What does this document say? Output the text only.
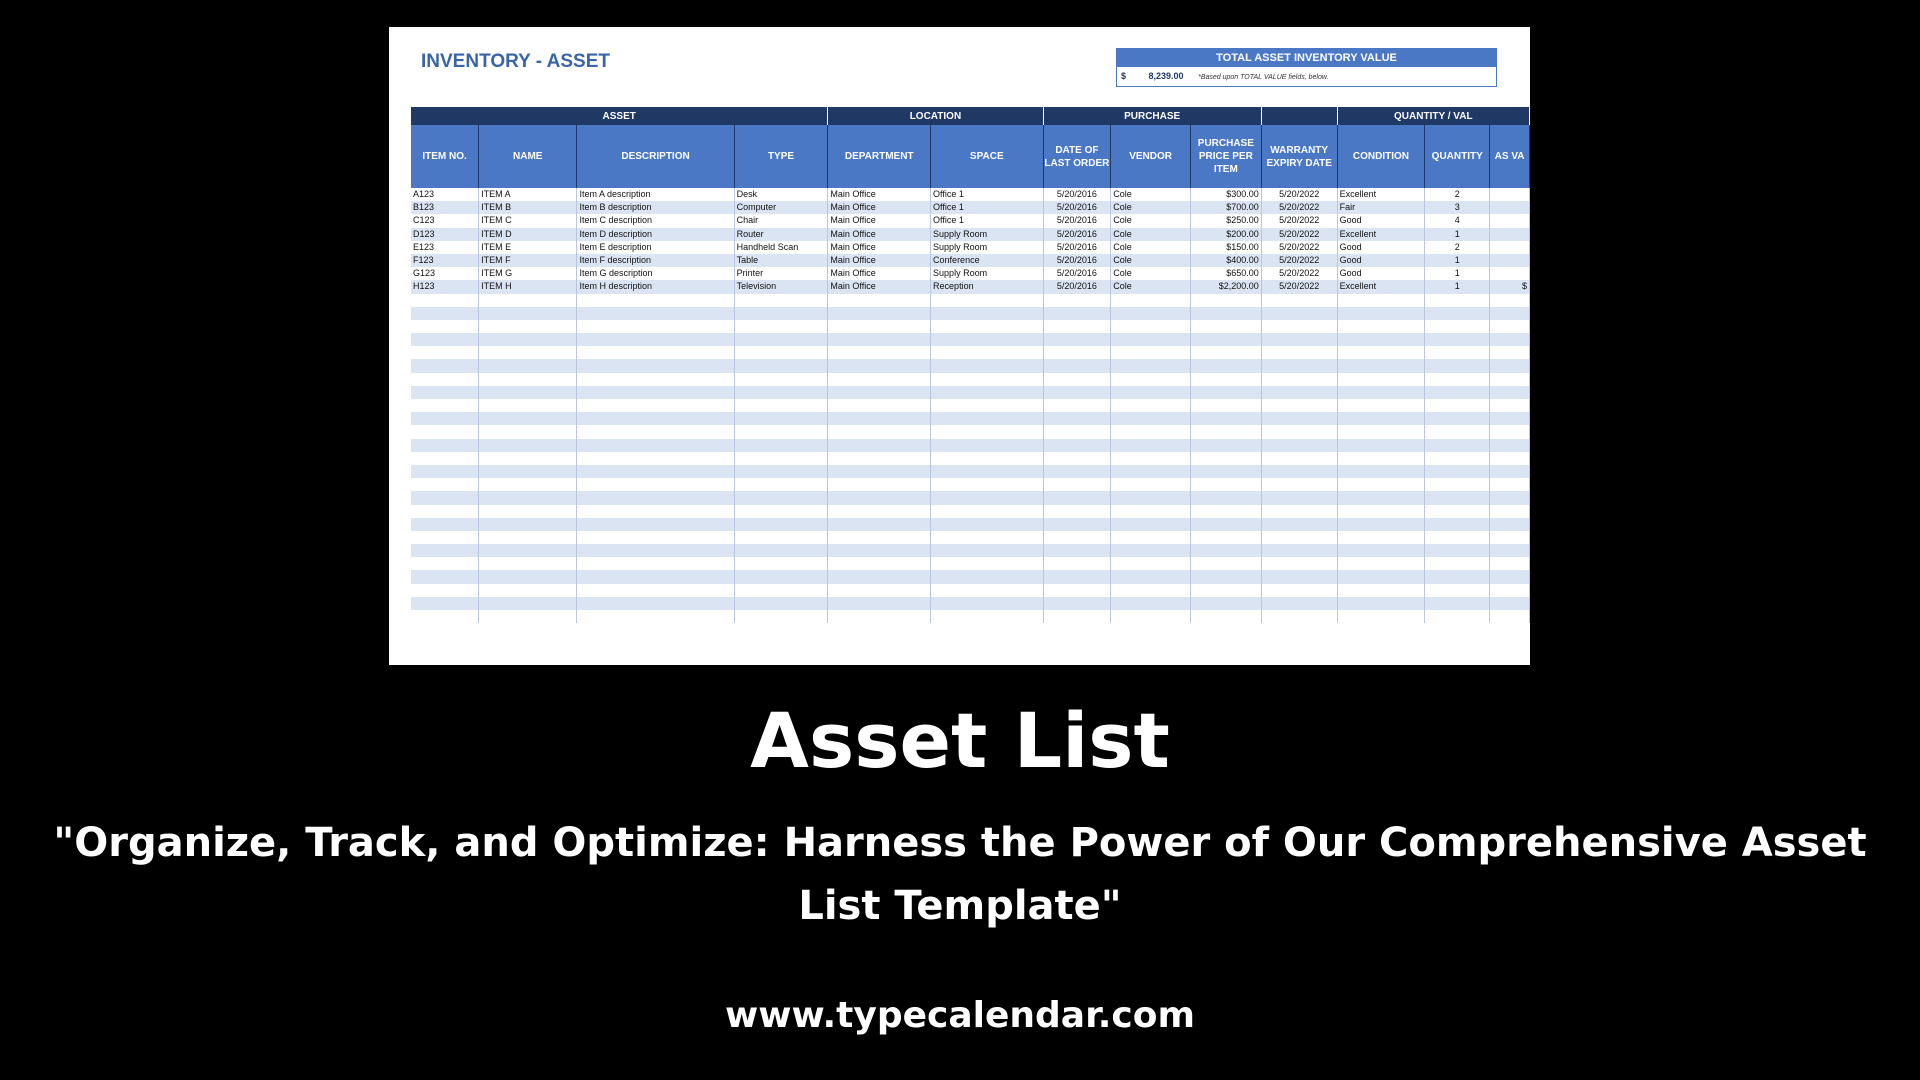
INVENTORY - ASSET	TOTAL ASSET INVENTORY VALUE
$	8,239.00 *Based upon TOTAL VALUE fields, below.
ASSET				LOCATION		PURCHASE				QUANTITY / VAL		
ITEM NO.	NAME	DESCRIPTION	TYPE	DEPARTMENT	SPACE	DATE OF LAST ORDER	VENDOR	PURCHASE PRICE PER ITEM	WARRANTY EXPIRY DATE	CONDITION	QUANTITY	AS VA
A123	ITEM A	Item A description	Desk	Main Office	Office 1	5/20/2016	Cole	$300.00	5/20/2022	Excellent	2	
B123	ITEM B	Item B description	Computer	Main Office	Office 1	5/20/2016	Cole	$700.00	5/20/2022	Fair	3	
C123	ITEM C	Item C description	Chair	Main Office	Office 1	5/20/2016	Cole	$250.00	5/20/2022	Good	4	
D123	ITEM D	Item D description	Router	Main Office	Supply Room	5/20/2016	Cole	$200.00	5/20/2022	Excellent	1	
E123	ITEM E	Item E description	Handheld Scan	Main Office	Supply Room	5/20/2016	Cole	$150.00	5/20/2022	Good	2	
F123	ITEM F	Item F description	Table	Main Office	Conference	5/20/2016	Cole	$400.00	5/20/2022	Good	1	
G123	ITEM G	Item G description	Printer	Main Office	Supply Room	5/20/2016	Cole	$650.00	5/20/2022	Good	1	
H123	ITEM H	Item H description	Television	Main Office	Reception	5/20/2016	Cole	$2,200.00	5/20/2022	Excellent	1	$

Asset List
"Organize, Track, and Optimize: Harness the Power of Our Comprehensive Asset List Template"
www.typecalendar.com
